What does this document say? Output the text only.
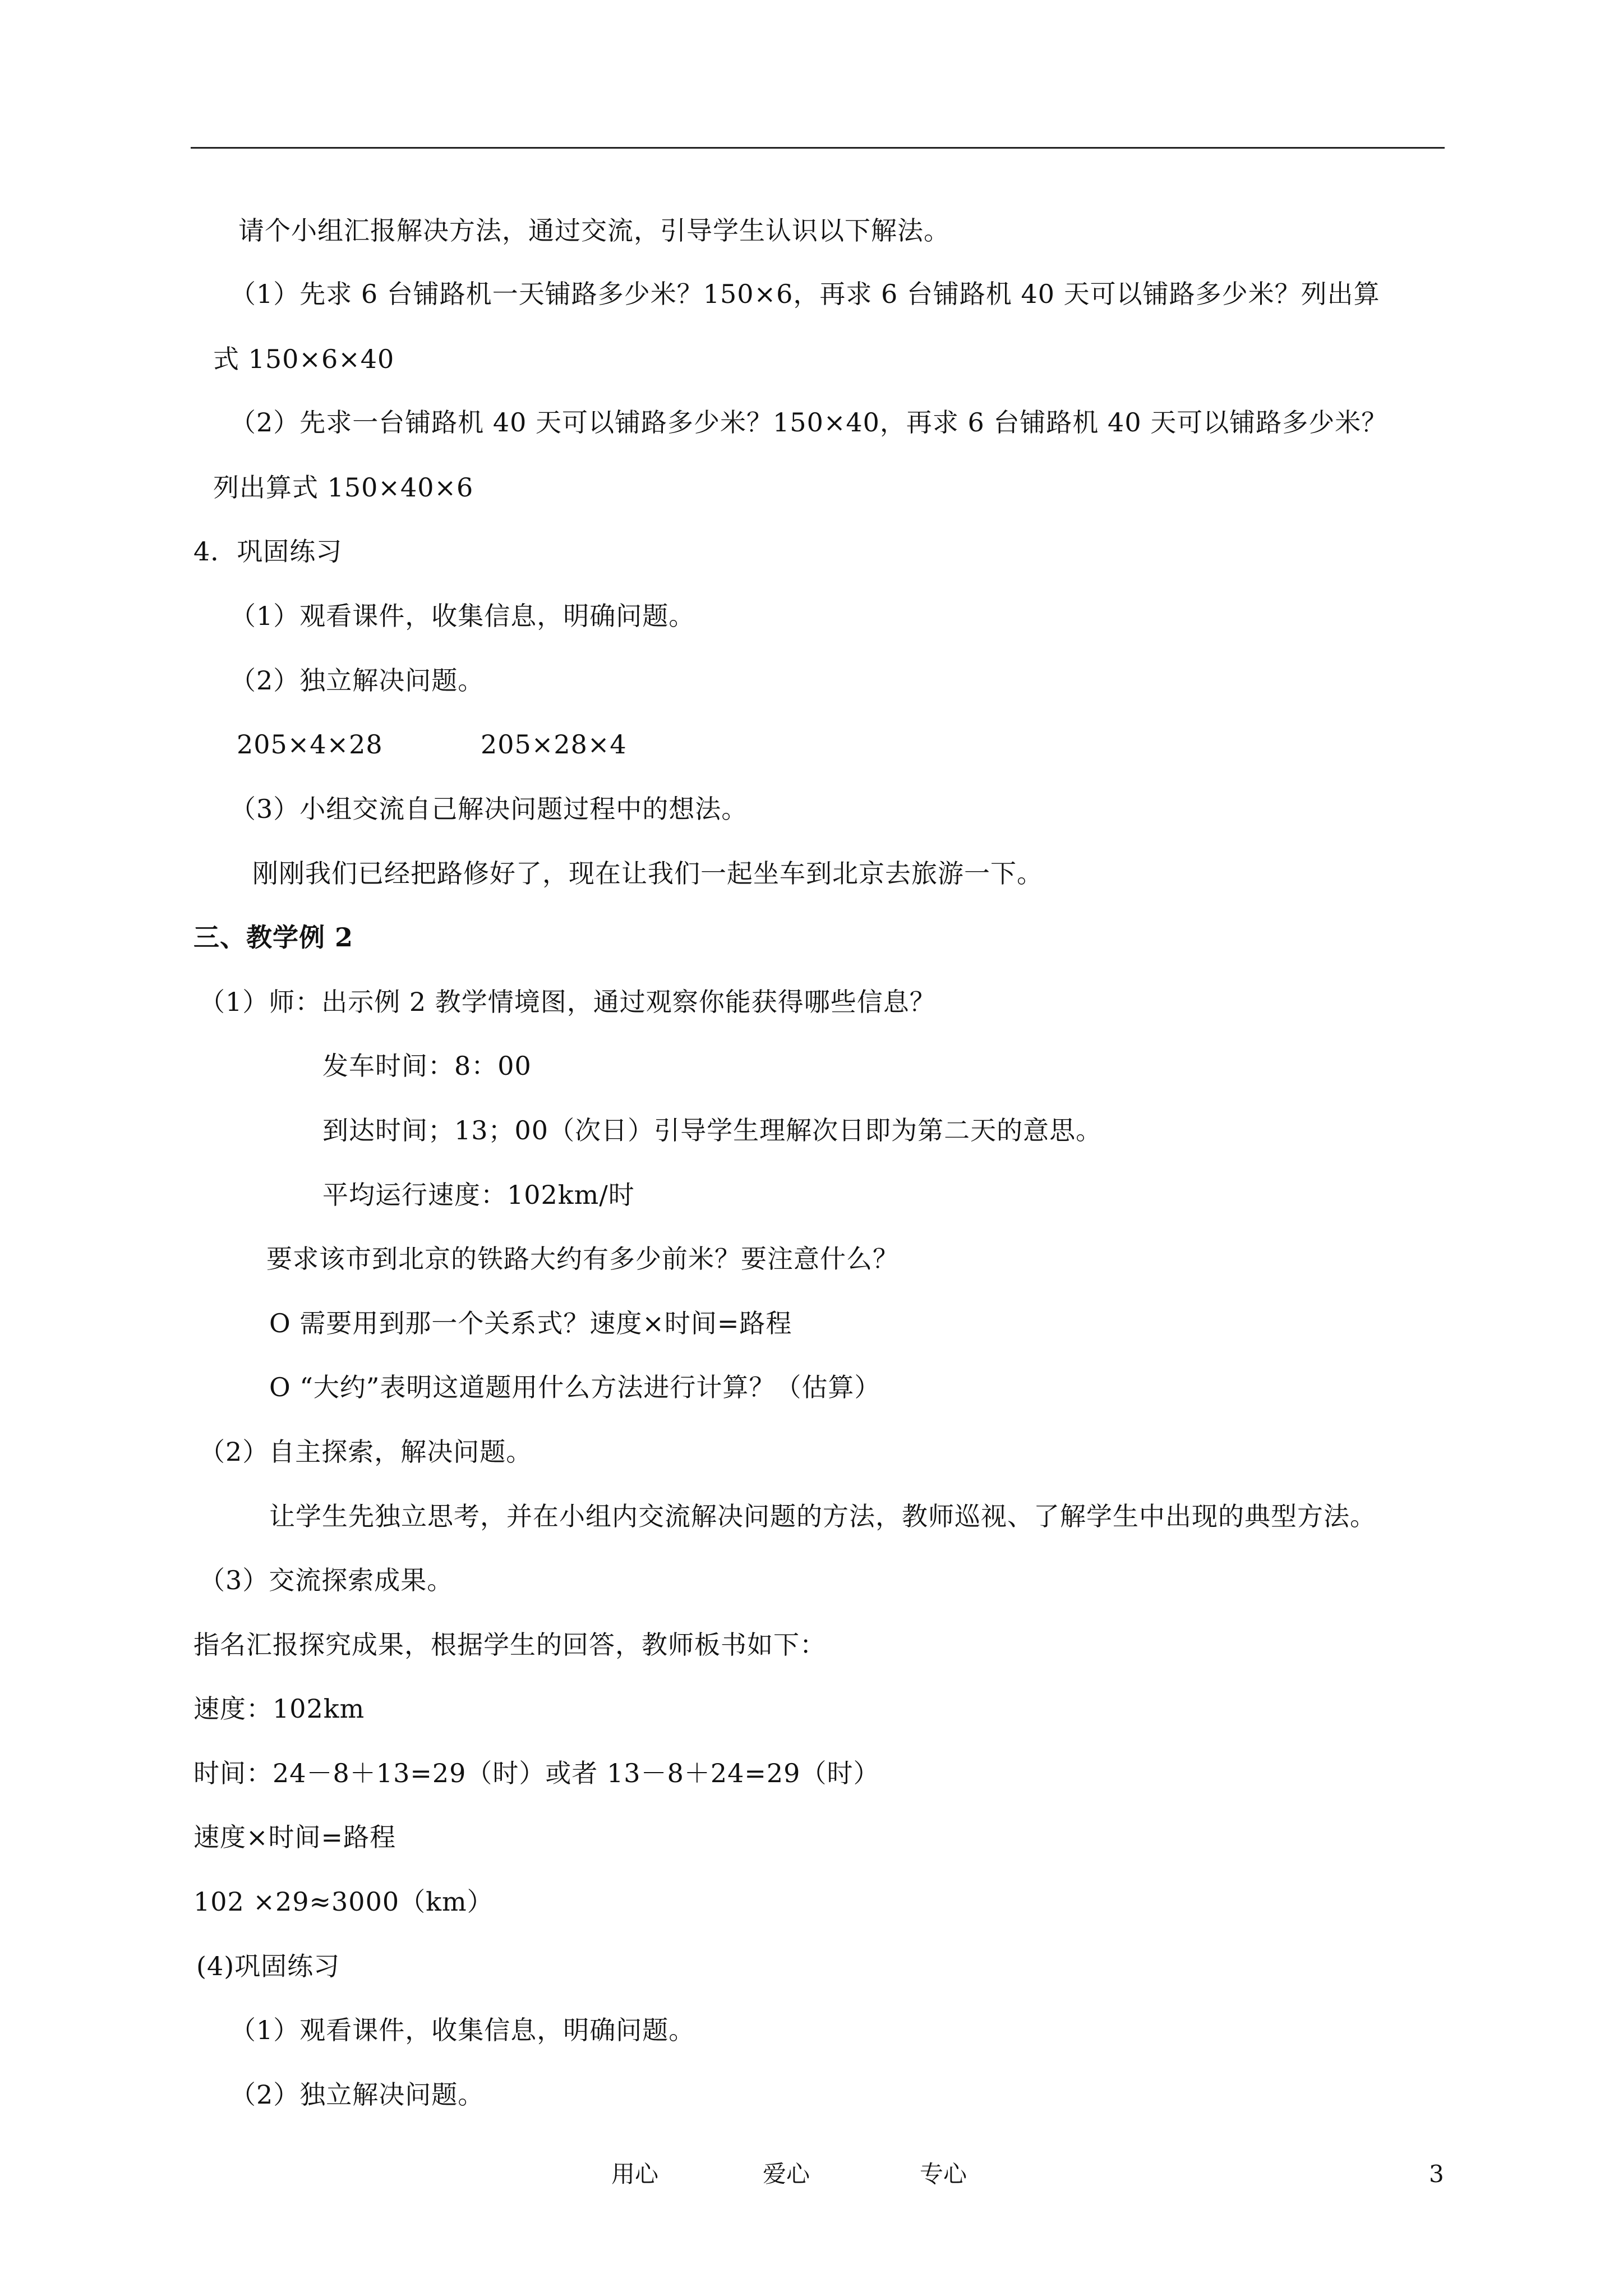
请个小组汇报解决方法，通过交流，引导学生认识以下解法。
（1）先求 6 台铺路机一天铺路多少米？150×6，再求 6 台铺路机 40 天可以铺路多少米？列出算
式 150×6×40
（2）先求一台铺路机 40 天可以铺路多少米？150×40，再求 6 台铺路机 40 天可以铺路多少米？
列出算式 150×40×6
4．巩固练习
（1）观看课件，收集信息，明确问题。
（2）独立解决问题。
205×4×28	205×28×4
（3）小组交流自己解决问题过程中的想法。
刚刚我们已经把路修好了，现在让我们一起坐车到北京去旅游一下。
三、教学例 2
（1）师：出示例 2 教学情境图，通过观察你能获得哪些信息？
发车时间：8：00
到达时间；13；00（次日）引导学生理解次日即为第二天的意思。
平均运行速度：102km/时
要求该市到北京的铁路大约有多少前米？要注意什么？
O 需要用到那一个关系式？速度×时间=路程
O “大约”表明这道题用什么方法进行计算？（估算）
（2）自主探索，解决问题。
让学生先独立思考，并在小组内交流解决问题的方法，教师巡视、了解学生中出现的典型方法。
（3）交流探索成果。
指名汇报探究成果，根据学生的回答，教师板书如下：
速度：102km
时间：24－8＋13=29（时）或者 13－8＋24=29（时）
速度×时间=路程
102 ×29≈3000（km）
(4)巩固练习
（1）观看课件，收集信息，明确问题。
（2）独立解决问题。
用心	爱心	专心	3
